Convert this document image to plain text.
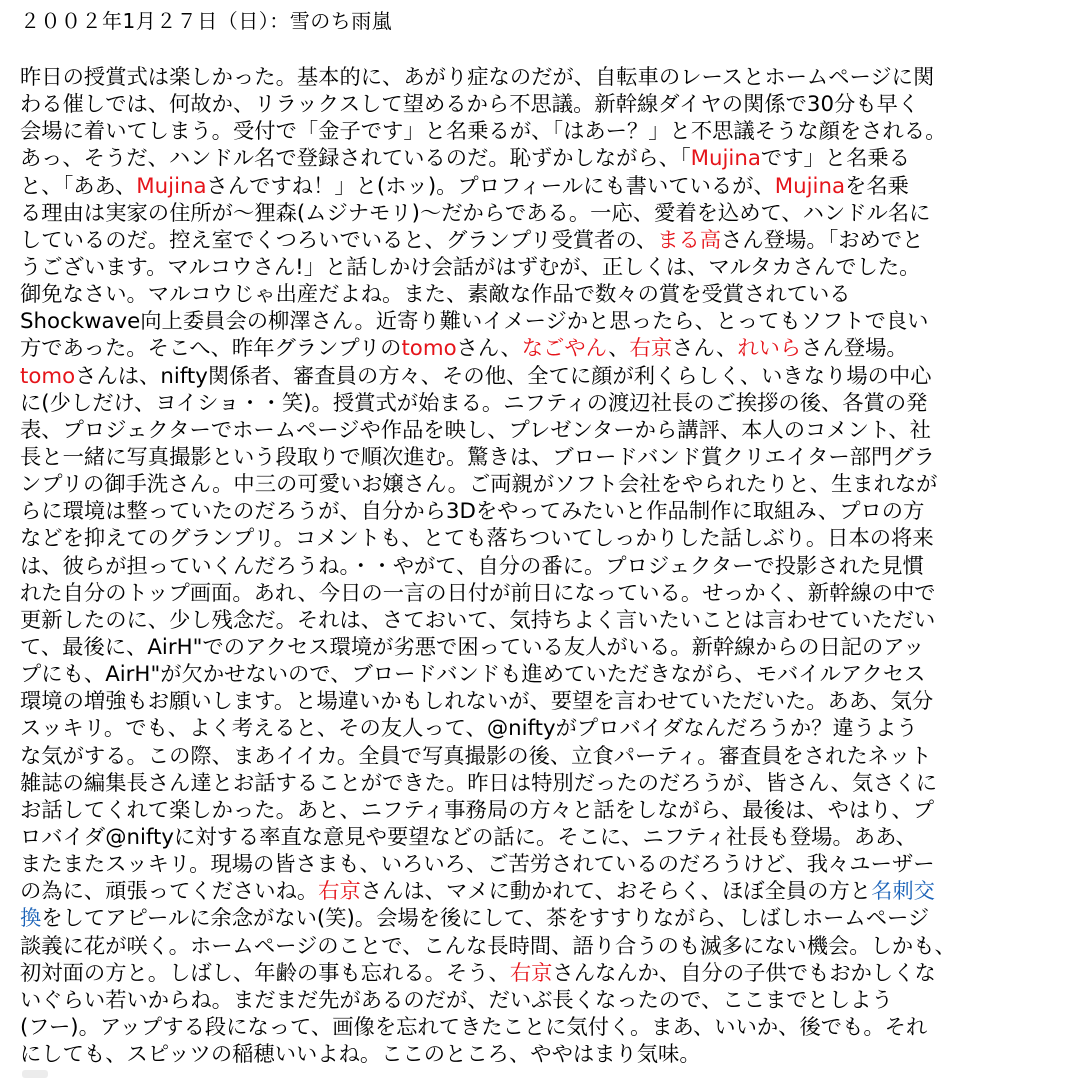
２００２年1月２７日（日）：雪のち雨嵐
昨日の授賞式は楽しかった。基本的に、あがり症なのだが、自転車のレースとホームページに関
わる催しでは、何故か、リラックスして望めるから不思議。新幹線ダイヤの関係で30分も早く
会場に着いてしまう。受付で「金子です」と名乗るが、「はあー？」と不思議そうな顔をされる。
あっ、そうだ、ハンドル名で登録されているのだ。恥ずかしながら、「Mujinaです」と名乗る
と、「ああ、Mujinaさんですね！」と(ホッ)。プロフィールにも書いているが、Mujinaを名乗
る理由は実家の住所が～狸森(ムジナモリ)～だからである。一応、愛着を込めて、ハンドル名に
しているのだ。控え室でくつろいでいると、グランプリ受賞者の、まる高さん登場。「おめでと
うございます。マルコウさん!」と話しかけ会話がはずむが、正しくは、マルタカさんでした。
御免なさい。マルコウじゃ出産だよね。また、素敵な作品で数々の賞を受賞されている
Shockwave向上委員会の柳澤さん。近寄り難いイメージかと思ったら、とってもソフトで良い
方であった。そこへ、昨年グランプリのtomoさん、なごやん、右京さん、れいらさん登場。
tomoさんは、nifty関係者、審査員の方々、その他、全てに顔が利くらしく、いきなり場の中心
に(少しだけ、ヨイショ・・笑)。授賞式が始まる。ニフティの渡辺社長のご挨拶の後、各賞の発
表、プロジェクターでホームページや作品を映し、プレゼンターから講評、本人のコメント、社
長と一緒に写真撮影という段取りで順次進む。驚きは、ブロードバンド賞クリエイター部門グラ
ンプリの御手洗さん。中三の可愛いお嬢さん。ご両親がソフト会社をやられたりと、生まれなが
らに環境は整っていたのだろうが、自分から3Dをやってみたいと作品制作に取組み、プロの方
などを抑えてのグランプリ。コメントも、とても落ちついてしっかりした話しぶり。日本の将来
は、彼らが担っていくんだろうね。・・やがて、自分の番に。プロジェクターで投影された見慣
れた自分のトップ画面。あれ、今日の一言の日付が前日になっている。せっかく、新幹線の中で
更新したのに、少し残念だ。それは、さておいて、気持ちよく言いたいことは言わせていただい
て、最後に、AirH"でのアクセス環境が劣悪で困っている友人がいる。新幹線からの日記のアッ
プにも、AirH"が欠かせないので、ブロードバンドも進めていただきながら、モバイルアクセス
環境の増強もお願いします。と場違いかもしれないが、要望を言わせていただいた。ああ、気分
スッキリ。でも、よく考えると、その友人って、@niftyがプロバイダなんだろうか？違うよう
な気がする。この際、まあイイカ。全員で写真撮影の後、立食パーティ。審査員をされたネット
雑誌の編集長さん達とお話することができた。昨日は特別だったのだろうが、皆さん、気さくに
お話してくれて楽しかった。あと、ニフティ事務局の方々と話をしながら、最後は、やはり、プ
ロバイダ@niftyに対する率直な意見や要望などの話に。そこに、ニフティ社長も登場。ああ、
またまたスッキリ。現場の皆さまも、いろいろ、ご苦労されているのだろうけど、我々ユーザー
の為に、頑張ってくださいね。右京さんは、マメに動かれて、おそらく、ほぼ全員の方と名刺交
換をしてアピールに余念がない(笑)。会場を後にして、茶をすすりながら、しばしホームページ
談義に花が咲く。ホームページのことで、こんな長時間、語り合うのも滅多にない機会。しかも、
初対面の方と。しばし、年齢の事も忘れる。そう、右京さんなんか、自分の子供でもおかしくな
いぐらい若いからね。まだまだ先があるのだが、だいぶ長くなったので、ここまでとしよう
(フー)。アップする段になって、画像を忘れてきたことに気付く。まあ、いいか、後でも。それ
にしても、スピッツの稲穂いいよね。ここのところ、ややはまり気味。
